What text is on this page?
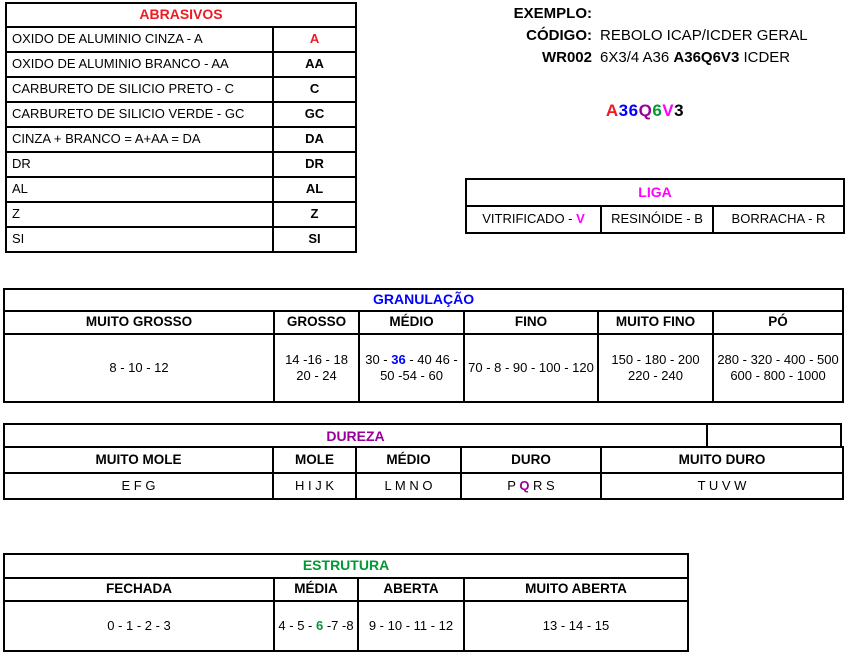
ABRASIVOS	
OXIDO DE ALUMINIO CINZA - A	A
OXIDO DE ALUMINIO BRANCO - AA	AA
CARBURETO DE SILICIO PRETO - C	C
CARBURETO DE SILICIO VERDE - GC	GC
CINZA + BRANCO = A+AA = DA	DA
DR	DR
AL	AL
Z	Z
SI	SI
EXEMPLO:
CÓDIGO: REBOLO ICAP/ICDER GERAL
WR002 6X3/4 A36 A36Q6V3 ICDER
A36Q6V3
LIGA
VITRIFICADO - V	RESINÓIDE - B	BORRACHA - R
GRANULAÇÃO					
MUITO GROSSO	GROSSO	MÉDIO	FINO	MUITO FINO	PÓ
8 - 10 - 12	14 -16 - 18 20 - 24	30 - 36 - 40 46 - 50 -54 - 60	70 - 8 - 90 - 100 - 120	150 - 180 - 200 220 - 240	280 - 320 - 400 - 500 600 - 800 - 1000
DUREZA
MUITO MOLE	MOLE	MÉDIO	DURO	MUITO DURO
E F G	H I J K	L M N O	P Q R S	T U V W
ESTRUTURA			
FECHADA	MÉDIA	ABERTA	MUITO ABERTA
0 - 1 - 2 - 3	4 - 5 - 6 -7 -8	9 - 10 - 11 - 12	13 - 14 - 15
